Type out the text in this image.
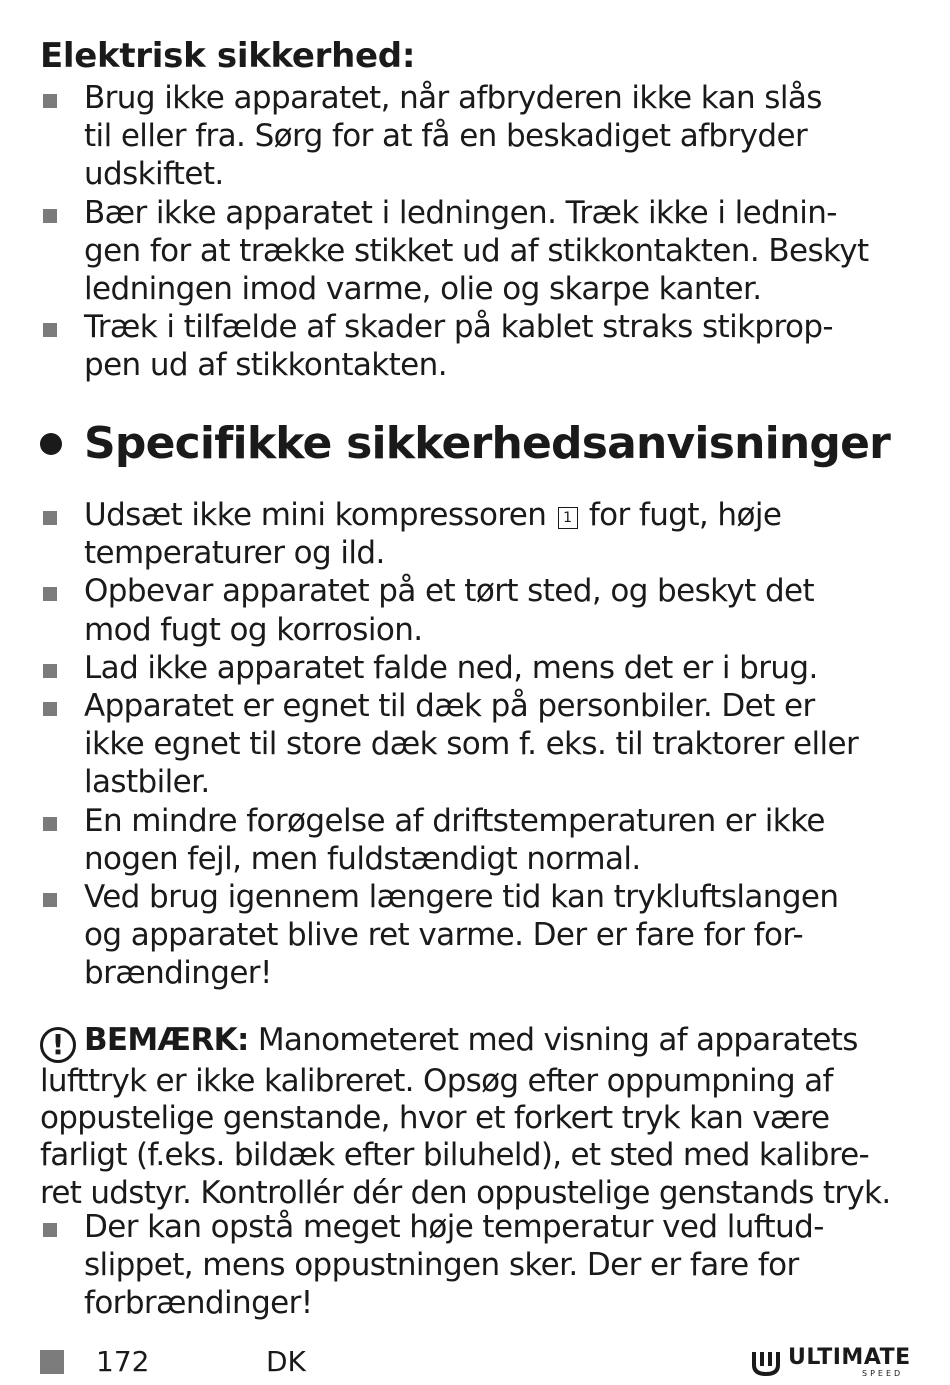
Elektrisk sikkerhed:
Brug ikke apparatet, når afbryderen ikke kan slås
til eller fra. Sørg for at få en beskadiget afbryder
udskiftet.
Bær ikke apparatet i ledningen. Træk ikke i lednin-
gen for at trække stikket ud af stikkontakten. Beskyt
ledningen imod varme, olie og skarpe kanter.
Træk i tilfælde af skader på kablet straks stikprop-
pen ud af stikkontakten.
Specifikke sikkerhedsanvisninger
Udsæt ikke mini kompressoren 1 for fugt, høje
temperaturer og ild.
Opbevar apparatet på et tørt sted, og beskyt det
mod fugt og korrosion.
Lad ikke apparatet falde ned, mens det er i brug.
Apparatet er egnet til dæk på personbiler. Det er
ikke egnet til store dæk som f. eks. til traktorer eller
lastbiler.
En mindre forøgelse af driftstemperaturen er ikke
nogen fejl, men fuldstændigt normal.
Ved brug igennem længere tid kan trykluftslangen
og apparatet blive ret varme. Der er fare for for-
brændinger!
! BEMÆRK: Manometeret med visning af apparatets
lufttryk er ikke kalibreret. Opsøg efter oppumpning af
oppustelige genstande, hvor et forkert tryk kan være
farligt (f.eks. bildæk efter biluheld), et sted med kalibre-
ret udstyr. Kontrollér dér den oppustelige genstands tryk.
Der kan opstå meget høje temperatur ved luftud-
slippet, mens oppustningen sker. Der er fare for
forbrændinger!
172	DK	ULTIMATE
SPEED
